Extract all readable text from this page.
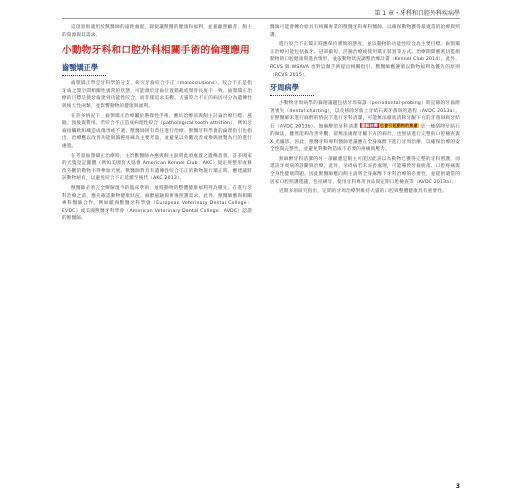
第 1 章・牙科和口腔外科疾病學

這項原則適用於獸醫師的遠距處置，即使讓獸醫的健康和福利，並兼顧照顧者、飼主的資源與其需求。

小動物牙科和口腔外科相關手術的倫理應用
齒顎矯正學

齒顎矯正學是牙科學的分支，研究牙齒咬合不正（malocclusions）。咬合不正是指牙齒之間空間相關性異常的狀態，可能源於牙齒位置錯亂或顎骨長度不一致。齒顎矯正治療的目標是使牙齒達到功能性咬合，而非僅追求美觀。犬貓咬合不正的病因可分為遺傳性與後天性兩類，並影響動物的健康與福利。

在許多情況下，齒顎矯正治療屬於選擇性手術，應於治療前與飼主討論治療目標、風險、預後與費用。若咬合不正造成病理性咬合（pathological tooth attrition），例如牙齒接觸軟組織造成傷害或不適，獸醫師則有責任進行治療。獸醫牙科學會的倫理指引也指出，治療應以改善功能與減輕疼痛為主要考量，並避免以外觀改善或參與展覽為目的進行處置。

在考量齒顎矯正治療時，主治獸醫師亦應與飼主說明此項處置之遺傳意義。許多國家的犬隻登記團體（例如美國育犬協會 American Kennel Club：AKC）規定經整形或修改外觀的動物不得參加犬展。獸醫師對具有遺傳性咬合不正的動物施行矯正時，應建議將該動物絕育，以避免咬合不正延續至後代（AKC 2013）。

獸醫師必須完全瞭解現今的臨床準則，並將動物的整體健康福利列為優先。在進行牙科治療之前，應先確認動物健康狀況、麻醉風險與術後照護需求。此外，獸醫師應與相關專科醫師合作，例如歐洲獸醫牙科學會（European Veterinary Dental College：EVDC）或美國獸醫牙科學會（American Veterinary Dental College：AVDC）認證的獸醫師。

醫師可能會轉介給具有相關專業的獸醫牙科專科醫師，以確保動物獲得最適當的治療與照護。

進行咬合不正矯正時應保持審慎的態度，並以動物的功能性咬合為主要目標。齒顎矯正治療可能包括拔牙、冠部截短、活髓治療或使用矯正裝置等方式。治療期間應密切監測動物的口腔健康與進食情形，並依動物狀況調整治療計畫（Kennel Club 2014）。此外，RCVS 與 WSAVA 也對這類手術提出相關指引，獸醫師應遵循以動物福利為優先的原則（RCVS 2015）。

牙周病學

小動物牙周病學的倫理議題包括牙周探診（periodontal probing）時記錄的牙齒附著喪失（dental charting），以及移除牙齒上牙結石與牙菌斑的過程（AVDC 2013a）。在獸醫師未進行麻醉的情況下進行牙科清潔，可能無法徹底清除牙齦下方的牙菌斑與牙結石（AVDC 2013b）。無麻醉的牙科清潔 圖解註釋 也會引起動物的焦慮 是一種刮除牙結石的做法，雖然能夠改善外觀，卻無法處理牙齦下方的病灶，也無法進行完整的口腔檢查與 X 光攝影。因此，獸醫牙科專科醫師建議應在全身麻醉下進行牙周治療，以確保治療的安全性與完整性，並避免對動物造成不必要的疼痛與壓力。

無麻醉牙科清潔的另一項顧慮是飼主可能因此誤以為動物已獲得完整的牙科照護，而延誤牙周病的診斷與治療。此外，牙周病若未妥善處理，可能導致牙齒脫落、口腔疼痛與全身性健康問題。因此獸醫師應向飼主說明全身麻醉下牙科治療的必要性，並提供適當的居家口腔照護建議，包括刷牙、使用牙科專用食品與定期口腔檢查等（AVDC 2013a）。

近期多項研究指出，定期的牙周治療對維持犬貓的口腔與整體健康具有重要性。

3
